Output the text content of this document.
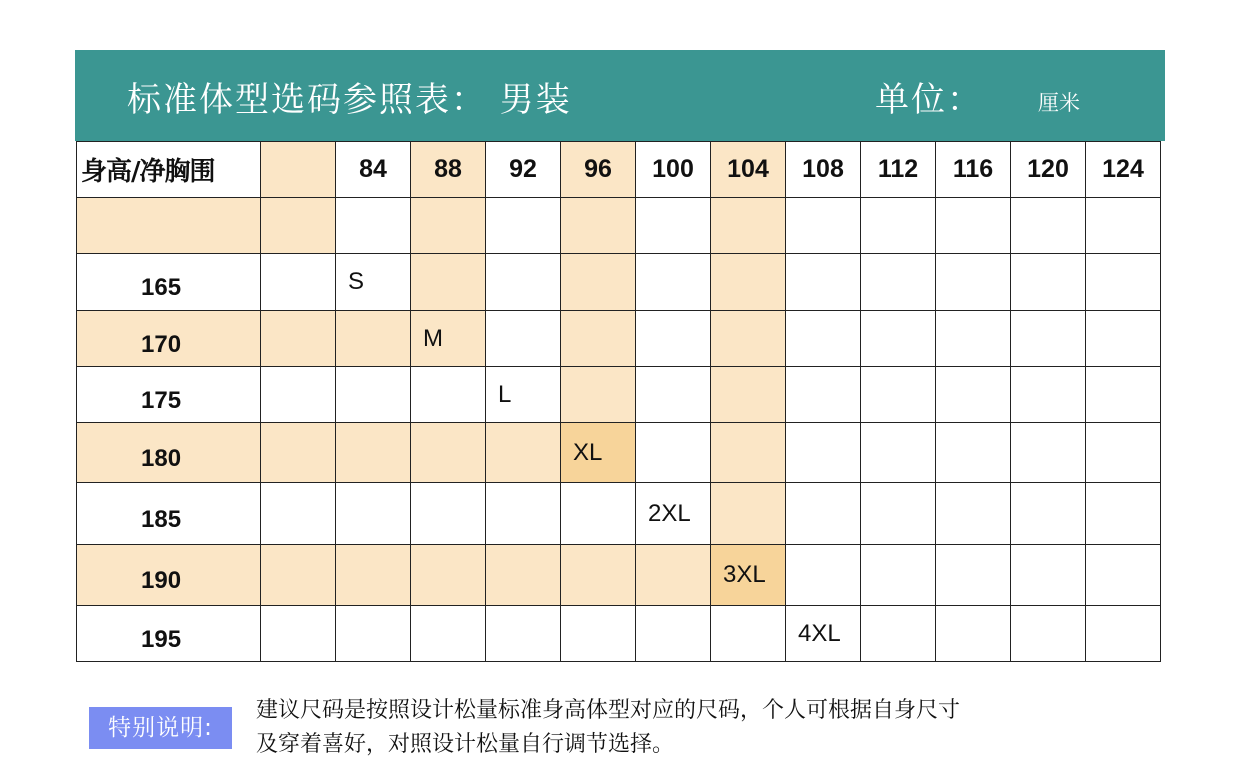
标准体型选码参照表： 男装	单位：	厘米
身高/净胸围		84	88	92	96	100	104	108	112	116	120	124

165		S										
170			M									
175				L								
180					XL							
185						2XL						
190							3XL					
195								4XL				
特别说明:
建议尺码是按照设计松量标准身高体型对应的尺码，个人可根据自身尺寸
及穿着喜好，对照设计松量自行调节选择。
